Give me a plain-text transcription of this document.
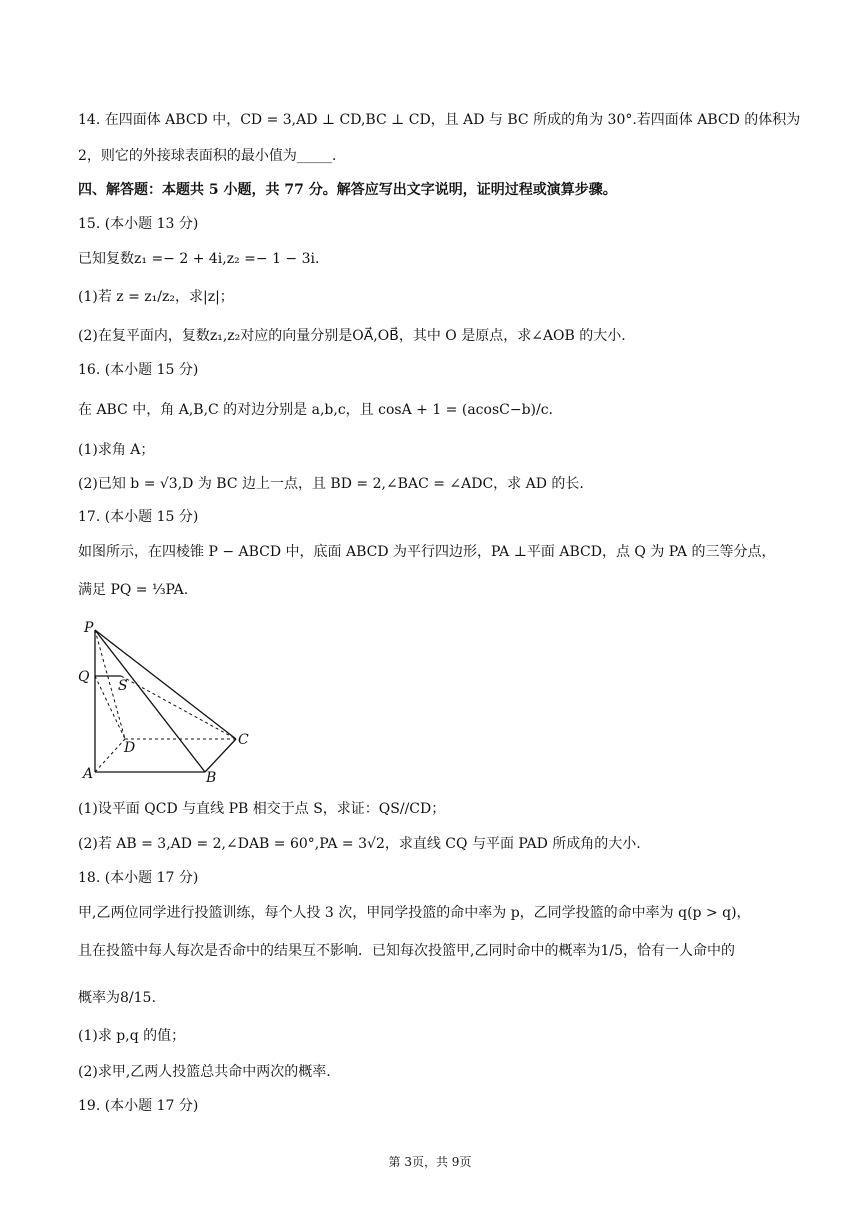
14. 在四面体 ABCD 中，CD = 3,AD ⊥ CD,BC ⊥ CD，且 AD 与 BC 所成的角为 30°.若四面体 ABCD 的体积为
2，则它的外接球表面积的最小值为_____.
四、解答题：本题共 5 小题，共 77 分。解答应写出文字说明，证明过程或演算步骤。
15. (本小题 13 分)
已知复数z₁ =− 2 + 4i,z₂ =− 1 − 3i.
(1)若 z = z₁/z₂，求|z|；
(2)在复平面内，复数z₁,z₂对应的向量分别是OA⃗,OB⃗，其中 O 是原点，求∠AOB 的大小.
16. (本小题 15 分)
在 ABC 中，角 A,B,C 的对边分别是 a,b,c，且 cosA + 1 = (acosC−b)/c.
(1)求角 A；
(2)已知 b = √3,D 为 BC 边上一点，且 BD = 2,∠BAC = ∠ADC，求 AD 的长.
17. (本小题 15 分)
如图所示，在四棱锥 P − ABCD 中，底面 ABCD 为平行四边形，PA ⊥平面 ABCD，点 Q 为 PA 的三等分点，
满足 PQ = ⅓PA.
P
Q
S
D	C
A	B
(1)设平面 QCD 与直线 PB 相交于点 S，求证：QS//CD；
(2)若 AB = 3,AD = 2,∠DAB = 60°,PA = 3√2，求直线 CQ 与平面 PAD 所成角的大小.
18. (本小题 17 分)
甲,乙两位同学进行投篮训练，每个人投 3 次，甲同学投篮的命中率为 p，乙同学投篮的命中率为 q(p > q)，
且在投篮中每人每次是否命中的结果互不影响．已知每次投篮甲,乙同时命中的概率为1/5，恰有一人命中的
概率为8/15.
(1)求 p,q 的值；
(2)求甲,乙两人投篮总共命中两次的概率.
19. (本小题 17 分)
第 3页，共 9页
